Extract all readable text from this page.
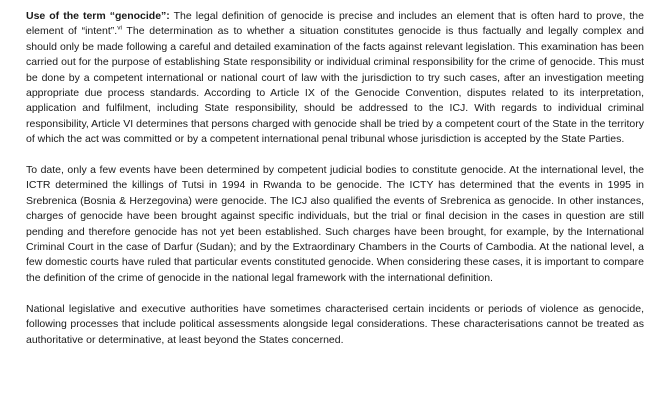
Use of the term “genocide”: The legal definition of genocide is precise and includes an element that is often hard to prove, the element of “intent”.$^{vi}$ The determination as to whether a situation constitutes genocide is thus factually and legally complex and should only be made following a careful and detailed examination of the facts against relevant legislation. This examination has been carried out for the purpose of establishing State responsibility or individual criminal responsibility for the crime of genocide. This must be done by a competent international or national court of law with the jurisdiction to try such cases, after an investigation meeting appropriate due process standards. According to Article IX of the Genocide Convention, disputes related to its interpretation, application and fulfilment, including State responsibility, should be addressed to the ICJ. With regards to individual criminal responsibility, Article VI determines that persons charged with genocide shall be tried by a competent court of the State in the territory of which the act was committed or by a competent international penal tribunal whose jurisdiction is accepted by the State Parties.

To date, only a few events have been determined by competent judicial bodies to constitute genocide. At the international level, the ICTR determined the killings of Tutsi in 1994 in Rwanda to be genocide. The ICTY has determined that the events in 1995 in Srebrenica (Bosnia & Herzegovina) were genocide. The ICJ also qualified the events of Srebrenica as genocide. In other instances, charges of genocide have been brought against specific individuals, but the trial or final decision in the cases in question are still pending and therefore genocide has not yet been established. Such charges have been brought, for example, by the International Criminal Court in the case of Darfur (Sudan); and by the Extraordinary Chambers in the Courts of Cambodia. At the national level, a few domestic courts have ruled that particular events constituted genocide. When considering these cases, it is important to compare the definition of the crime of genocide in the national legal framework with the international definition.

National legislative and executive authorities have sometimes characterised certain incidents or periods of violence as genocide, following processes that include political assessments alongside legal considerations. These characterisations cannot be treated as authoritative or determinative, at least beyond the States concerned.
